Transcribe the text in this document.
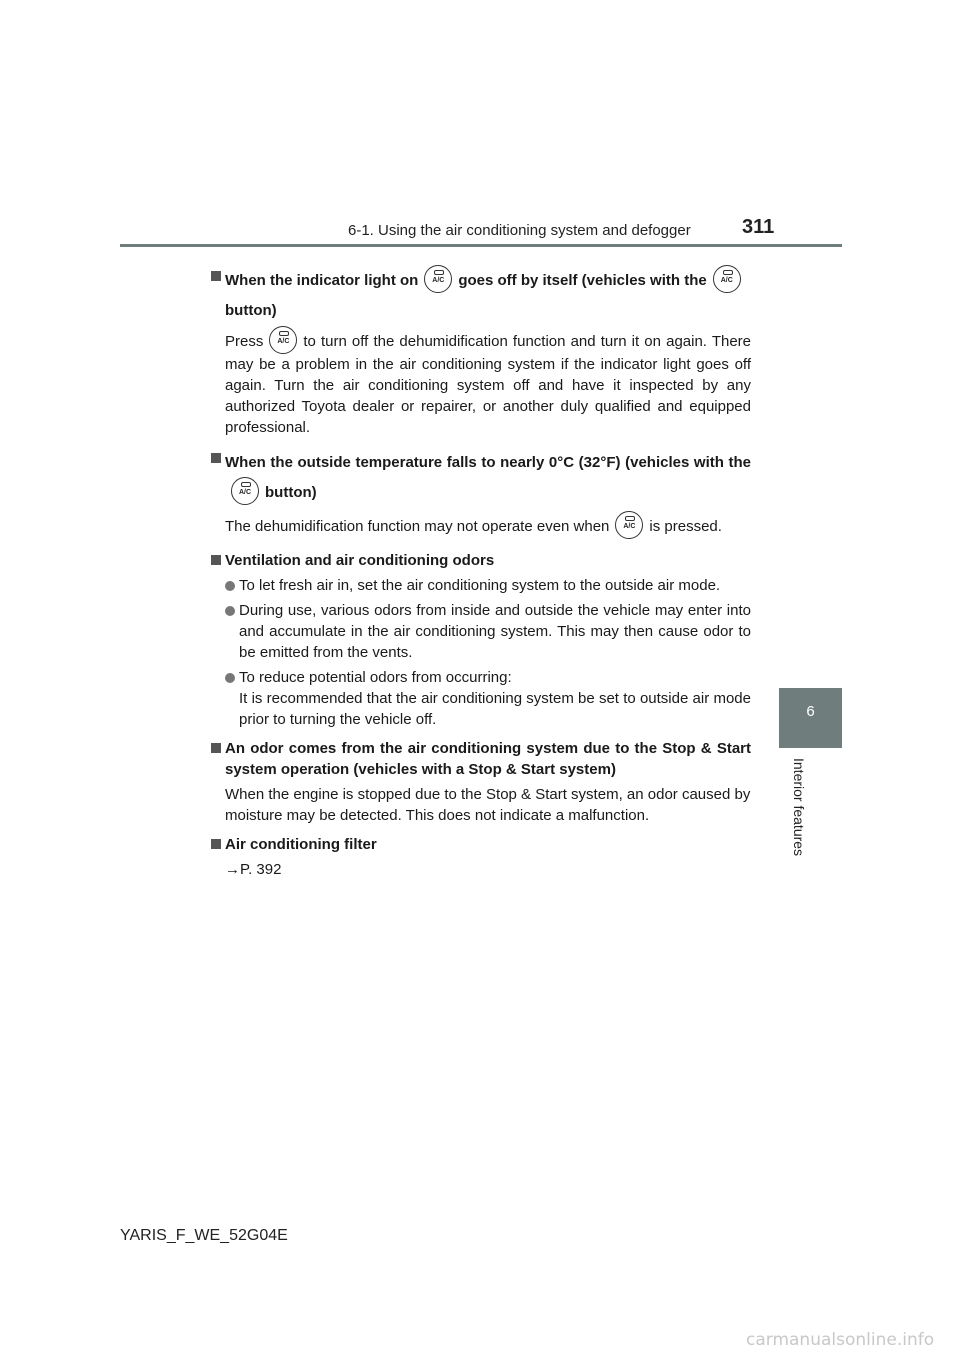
6-1. Using the air conditioning system and defogger	311
6
Interior features
When the indicator light on A/C goes off by itself (vehicles with the A/C
button)
Press A/C to turn off the dehumidification function and turn it on again. There may be a problem in the air conditioning system if the indicator light goes off again. Turn the air conditioning system off and have it inspected by any authorized Toyota dealer or repairer, or another duly qualified and equipped professional.
When the outside temperature falls to nearly 0°C (32°F) (vehicles with the
A/C button)
The dehumidification function may not operate even when A/C is pressed.
Ventilation and air conditioning odors
To let fresh air in, set the air conditioning system to the outside air mode.
During use, various odors from inside and outside the vehicle may enter into and accumulate in the air conditioning system. This may then cause odor to be emitted from the vents.
To reduce potential odors from occurring:
It is recommended that the air conditioning system be set to outside air mode prior to turning the vehicle off.
An odor comes from the air conditioning system due to the Stop & Start system operation (vehicles with a Stop & Start system)
When the engine is stopped due to the Stop & Start system, an odor caused by moisture may be detected. This does not indicate a malfunction.
Air conditioning filter
→P. 392
YARIS_F_WE_52G04E
carmanualsonline.info
